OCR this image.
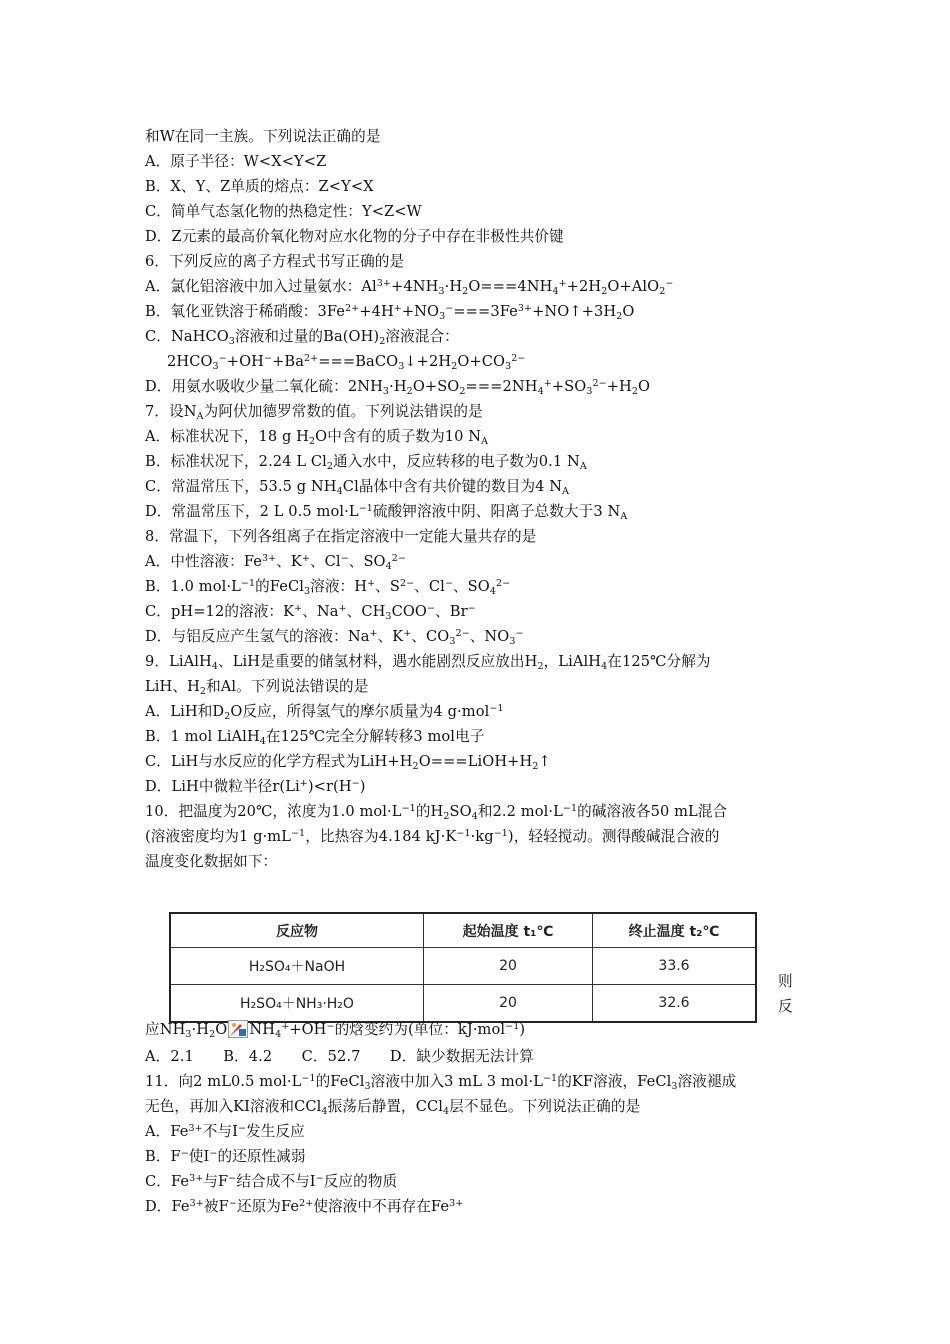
和W在同一主族。下列说法正确的是
A．原子半径：W<X<Y<Z
B．X、Y、Z单质的熔点：Z<Y<X
C．简单气态氢化物的热稳定性：Y<Z<W
D．Z元素的最高价氧化物对应水化物的分子中存在非极性共价键
6．下列反应的离子方程式书写正确的是
A．氯化铝溶液中加入过量氨水：$Al^{3+}+4NH_3\cdot H_2O===4NH_4^++2H_2O+AlO_2^-$
B．氧化亚铁溶于稀硝酸：$3Fe^{2+}+4H^++NO_3^-===3Fe^{3+}+NO↑+3H_2O$
C．NaHCO$_3$溶液和过量的$Ba(OH)_2$溶液混合：
$2HCO_3^-+OH^-+Ba^{2+}===BaCO_3↓+2H_2O+CO_3^{2-}$
D．用氨水吸收少量二氧化硫：$2NH_3\cdot H_2O+SO_2===2NH_4^++SO_3^{2-}+H_2O$
7．设$N_A$为阿伏加德罗常数的值。下列说法错误的是
A．标准状况下，18 g $H_2O$中含有的质子数为10 $N_A$
B．标准状况下，2.24 L $Cl_2$通入水中，反应转移的电子数为0.1 $N_A$
C．常温常压下，53.5 g $NH_4Cl$晶体中含有共价键的数目为4 $N_A$
D．常温常压下，2 L 0.5 $mol\cdot L^{-1}$硫酸钾溶液中阴、阳离子总数大于3 $N_A$
8．常温下，下列各组离子在指定溶液中一定能大量共存的是
A．中性溶液：$Fe^{3+}$、K+、Cl−、$SO_4^{2-}$
B．1.0 $mol\cdot L^{-1}$的FeCl$_3$溶液：H+、$S^{2-}$、Cl−、$SO_4^{2-}$
C．pH=12的溶液：K+、Na+、$CH_3COO^-$、Br−
D．与铝反应产生氢气的溶液：Na+、K+、$CO_3^{2-}$、$NO_3^-$
9．LiAlH$_4$、LiH是重要的储氢材料，遇水能剧烈反应放出$H_2$，LiAlH$_4$在125℃分解为
LiH、$H_2$和Al。下列说法错误的是
A．LiH和$D_2O$反应，所得氢气的摩尔质量为4 g·mol$^{-1}$
B．1 mol LiAlH$_4$在125℃完全分解转移3 mol电子
C．LiH与水反应的化学方程式为$LiH+H_2O===LiOH+H_2↑$
D．LiH中微粒半径r(Li+)<r(H−)
10．把温度为20℃，浓度为1.0 $mol\cdot L^{-1}$的$H_2SO_4$和2.2 $mol\cdot L^{-1}$的碱溶液各50 mL混合
(溶液密度均为1 $g\cdot mL^{-1}$，比热容为4.184 $kJ\cdot K^{-1}\cdot kg^{-1}$)，轻轻搅动。测得酸碱混合液的
温度变化数据如下：
反应物	起始温度 t₁℃	终止温度 t₂℃
H₂SO₄＋NaOH	20	33.6
H₂SO₄＋NH₃·H₂O	20	32.6
则
反
应$NH_3\cdot H_2O$ $NH_4^++OH^-$的焓变约为(单位：kJ·mol$^{-1}$)
A．2.1　　B．4.2　　C．52.7　　D．缺少数据无法计算
11．向2 mL0.5 $mol\cdot L^{-1}$的FeCl$_3$溶液中加入3 mL 3 $mol\cdot L^{-1}$的KF溶液，FeCl$_3$溶液褪成
无色，再加入KI溶液和CCl$_4$振荡后静置，CCl$_4$层不显色。下列说法正确的是
A．$Fe^{3+}$不与I−发生反应
B．F−使I−的还原性减弱
C．$Fe^{3+}$与F−结合成不与I−反应的物质
D．$Fe^{3+}$被F−还原为$Fe^{2+}$使溶液中不再存在$Fe^{3+}$
